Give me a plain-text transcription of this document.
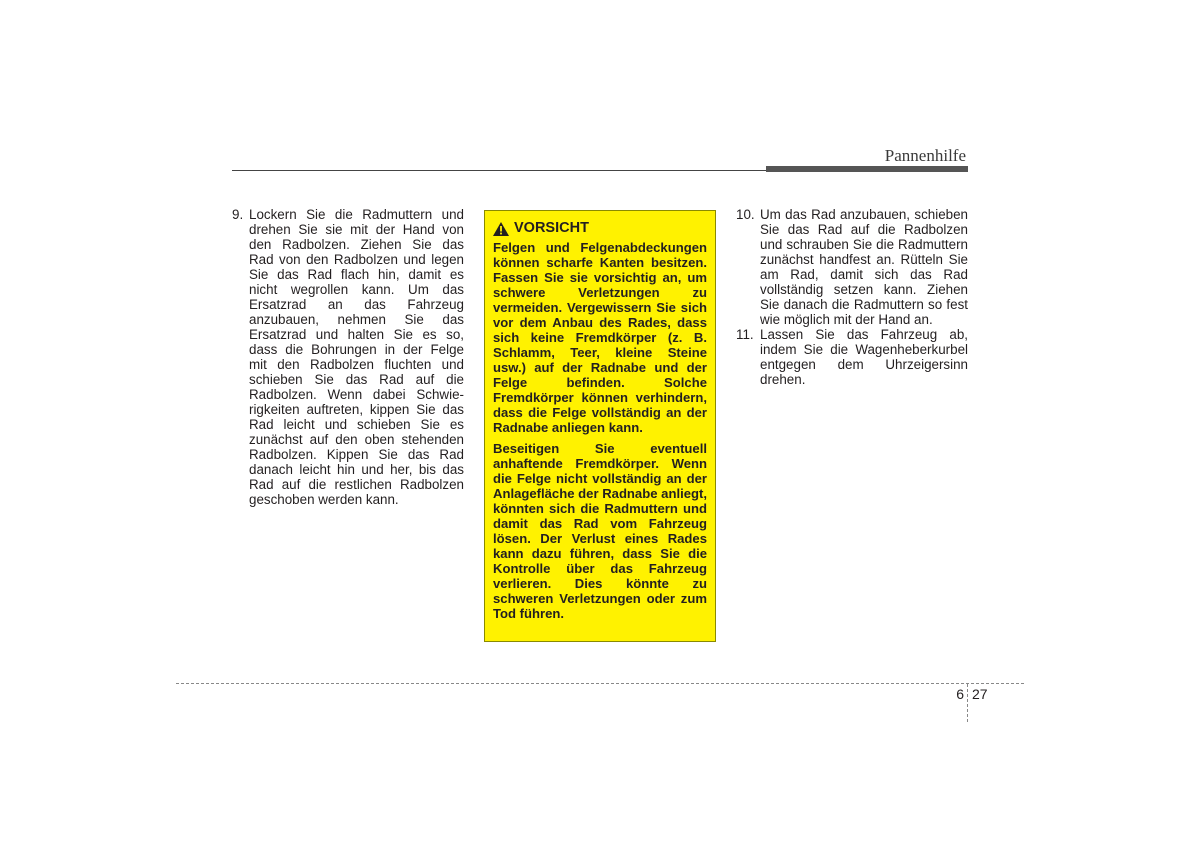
Pannenhilfe
9. Lockern Sie die Radmuttern und drehen Sie sie mit der Hand von den Radbolzen. Ziehen Sie das Rad von den Radbolzen und legen Sie das Rad flach hin, damit es nicht wegrollen kann. Um das Ersatzrad an das Fahrzeug anzubauen, nehmen Sie das Ersatzrad und halten Sie es so, dass die Bohrungen in der Felge mit den Radbolzen fluchten und schieben Sie das Rad auf die Radbolzen. Wenn dabei Schwie-rigkeiten auftreten, kippen Sie das Rad leicht und schieben Sie es zunächst auf den oben stehenden Radbolzen. Kippen Sie das Rad danach leicht hin und her, bis das Rad auf die restlichen Radbolzen geschoben werden kann.
VORSICHT

Felgen und Felgenabdeckungen können scharfe Kanten besitzen. Fassen Sie sie vorsichtig an, um schwere Verletzungen zu vermeiden. Vergewissern Sie sich vor dem Anbau des Rades, dass sich keine Fremdkörper (z. B. Schlamm, Teer, kleine Steine usw.) auf der Radnabe und der Felge befinden. Solche Fremdkörper können verhindern, dass die Felge vollständig an der Radnabe anliegen kann.

Beseitigen Sie eventuell anhaftende Fremdkörper. Wenn die Felge nicht vollständig an der Anlagefläche der Radnabe anliegt, könnten sich die Radmuttern und damit das Rad vom Fahrzeug lösen. Der Verlust eines Rades kann dazu führen, dass Sie die Kontrolle über das Fahrzeug verlieren. Dies könnte zu schweren Verletzungen oder zum Tod führen.

10. Um das Rad anzubauen, schieben Sie das Rad auf die Radbolzen und schrauben Sie die Radmuttern zunächst handfest an. Rütteln Sie am Rad, damit sich das Rad vollständig setzen kann. Ziehen Sie danach die Radmuttern so fest wie möglich mit der Hand an.
11. Lassen Sie das Fahrzeug ab, indem Sie die Wagenheberkurbel entgegen dem Uhrzeigersinn drehen.
6 27
